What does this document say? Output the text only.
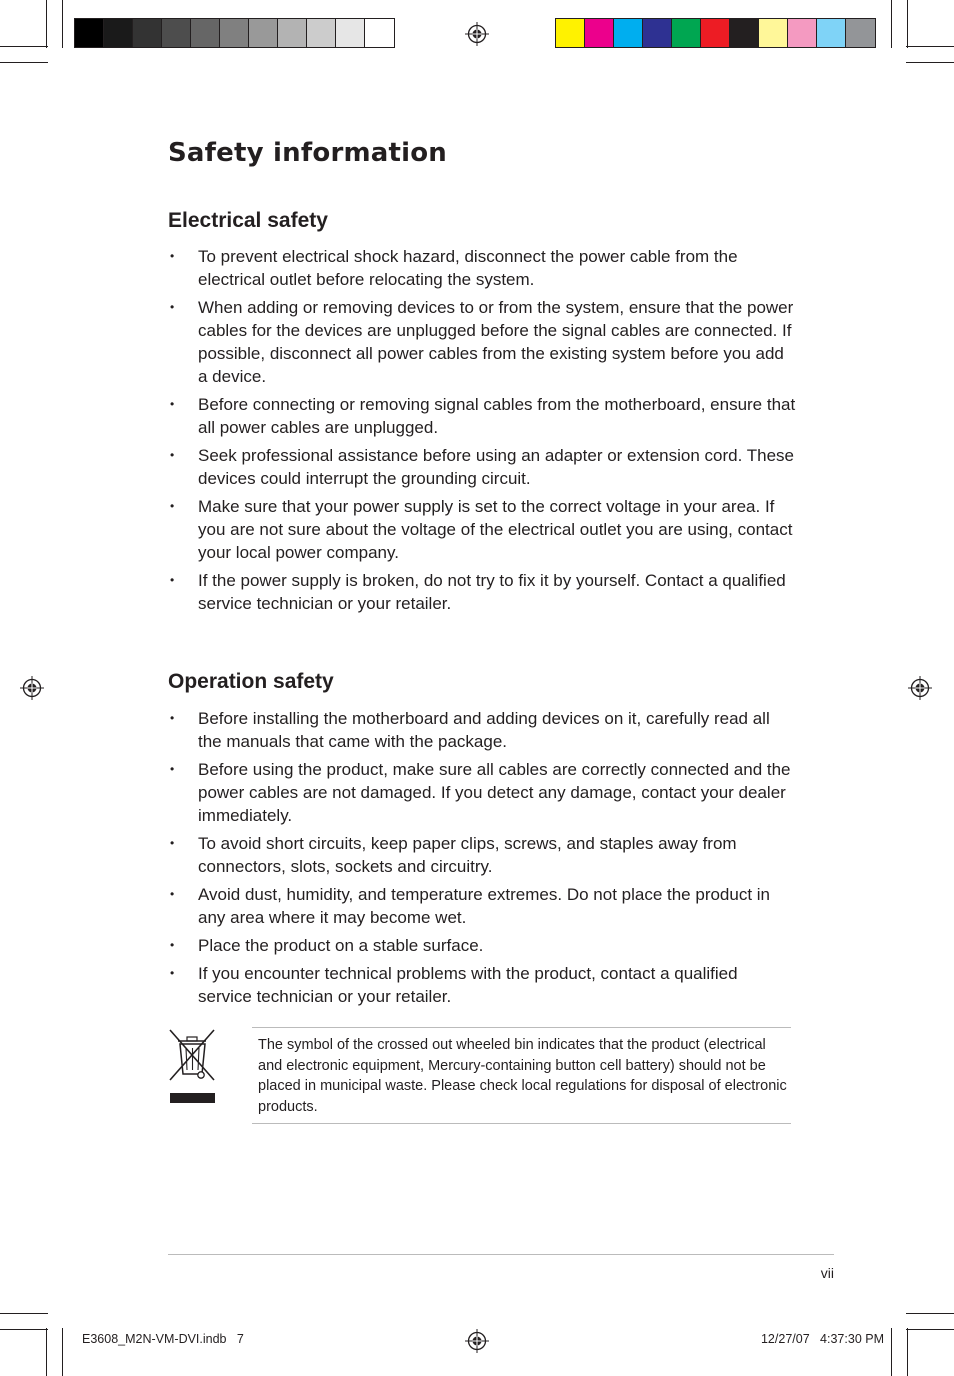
Safety information
Electrical safety
• To prevent electrical shock hazard, disconnect the power cable from the electrical outlet before relocating the system.
• When adding or removing devices to or from the system, ensure that the power cables for the devices are unplugged before the signal cables are connected. If possible, disconnect all power cables from the existing system before you add a device.
• Before connecting or removing signal cables from the motherboard, ensure that all power cables are unplugged.
• Seek professional assistance before using an adapter or extension cord. These devices could interrupt the grounding circuit.
• Make sure that your power supply is set to the correct voltage in your area. If you are not sure about the voltage of the electrical outlet you are using, contact your local power company.
• If the power supply is broken, do not try to fix it by yourself. Contact a qualified service technician or your retailer.
Operation safety
• Before installing the motherboard and adding devices on it, carefully read all the manuals that came with the package.
• Before using the product, make sure all cables are correctly connected and the power cables are not damaged. If you detect any damage, contact your dealer immediately.
• To avoid short circuits, keep paper clips, screws, and staples away from connectors, slots, sockets and circuitry.
• Avoid dust, humidity, and temperature extremes. Do not place the product in any area where it may become wet.
• Place the product on a stable surface.
• If you encounter technical problems with the product, contact a qualified service technician or your retailer.
The symbol of the crossed out wheeled bin indicates that the product (electrical and electronic equipment, Mercury-containing button cell battery) should not be placed in municipal waste. Please check local regulations for disposal of electronic products.
vii
E3608_M2N-VM-DVI.indb   7	12/27/07   4:37:30 PM
